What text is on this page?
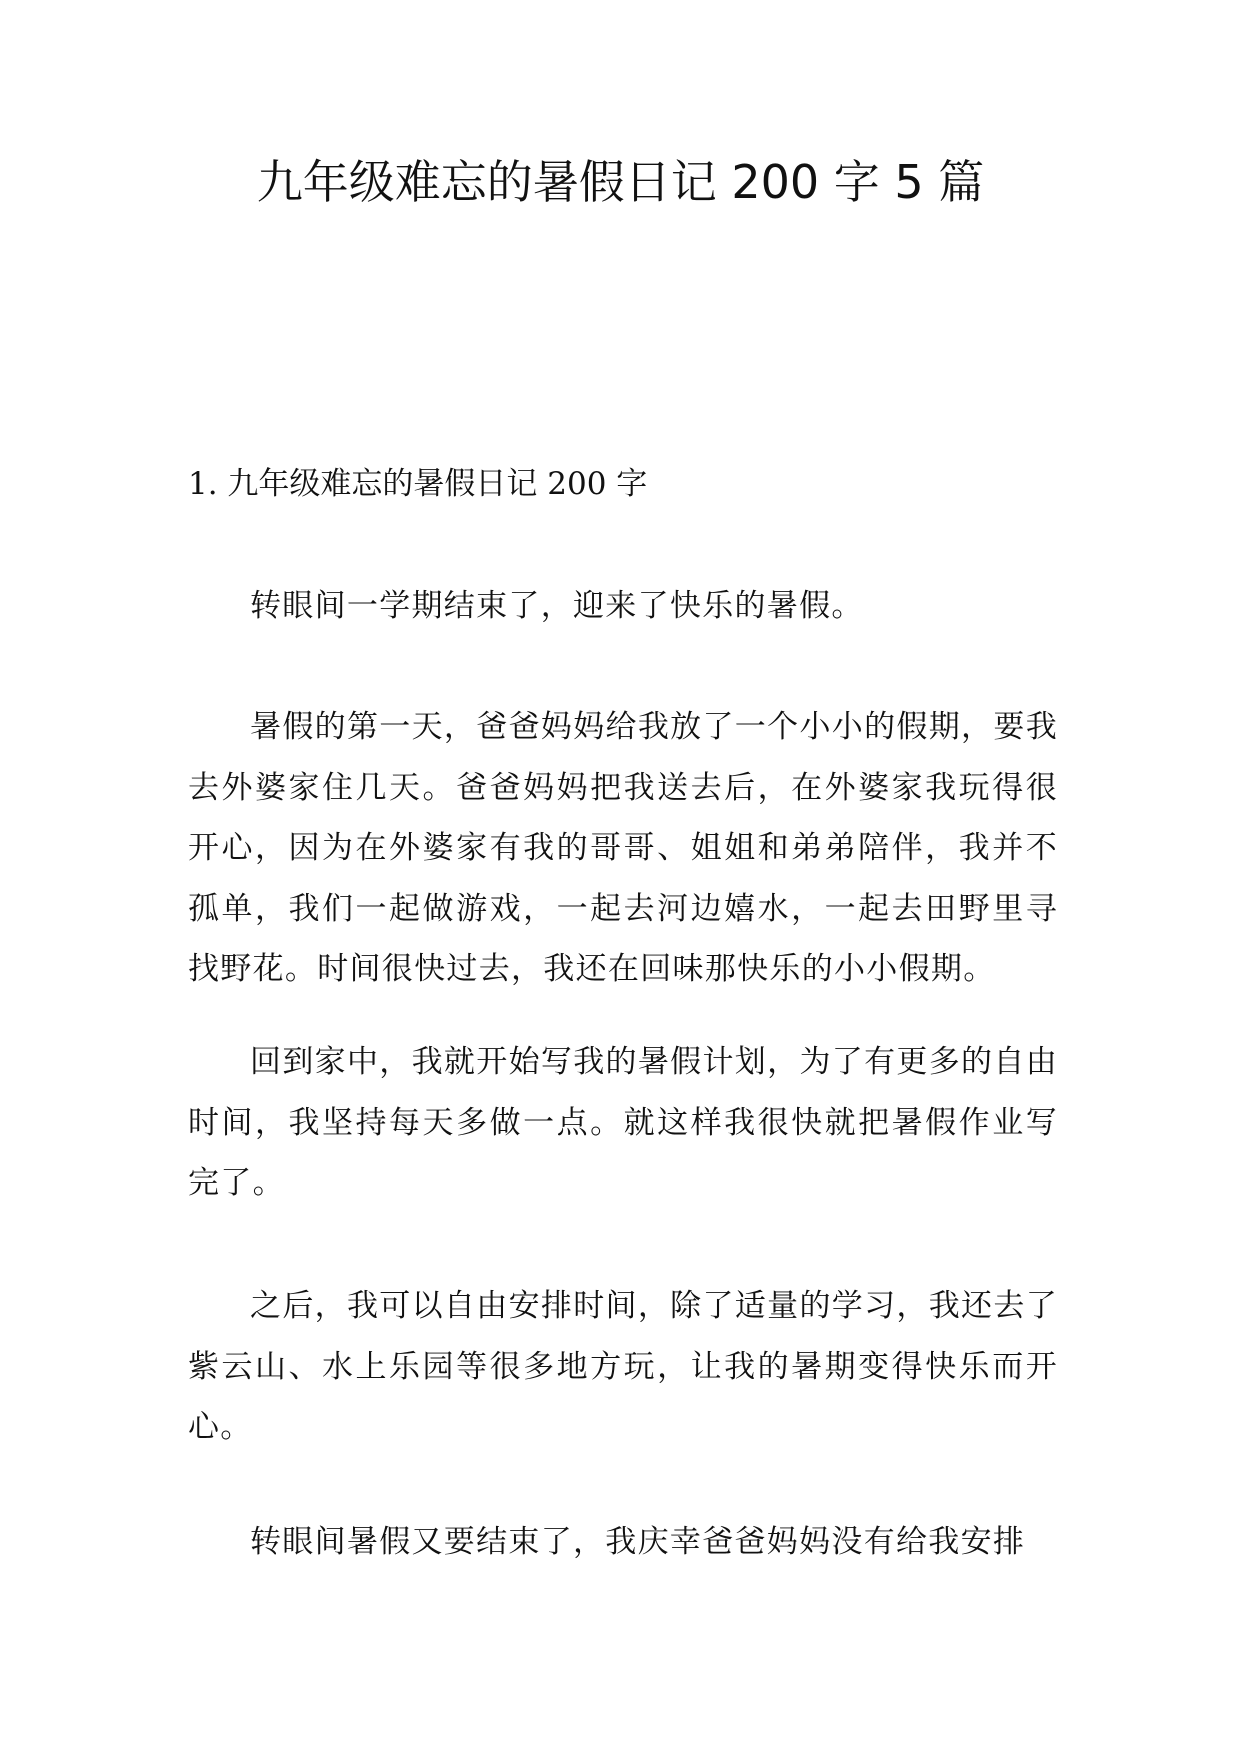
九年级难忘的暑假日记 200 字 5 篇
1. 九年级难忘的暑假日记 200 字

转眼间一学期结束了，迎来了快乐的暑假。

暑假的第一天，爸爸妈妈给我放了一个小小的假期，要我去外婆家住几天。爸爸妈妈把我送去后，在外婆家我玩得很开心，因为在外婆家有我的哥哥、姐姐和弟弟陪伴，我并不孤单，我们一起做游戏，一起去河边嬉水，一起去田野里寻找野花。时间很快过去，我还在回味那快乐的小小假期。

回到家中，我就开始写我的暑假计划，为了有更多的自由时间，我坚持每天多做一点。就这样我很快就把暑假作业写完了。

之后，我可以自由安排时间，除了适量的学习，我还去了紫云山、水上乐园等很多地方玩，让我的暑期变得快乐而开心。

转眼间暑假又要结束了，我庆幸爸爸妈妈没有给我安排
